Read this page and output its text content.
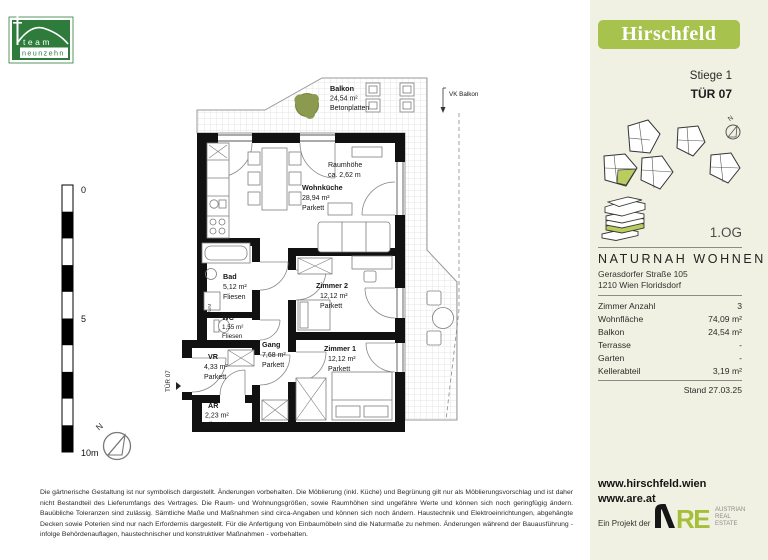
team
neunzehn
0
5
10m
N
Balkon
24,54 m²
Betonplatten
VK Balkon
Raumhöhe
ca. 2,62 m
Wohnküche
28,94 m²
Parkett
Bad
5,12 m²
Fliesen
WC
1,55 m²
Fliesen
VR
4,33 m²
Parkett
AR
2,23 m²
Fliesen
Gang
7,68 m²
Parkett
Zimmer 2
12,12 m²
Parkett
Zimmer 1
12,12 m²
Parkett
TÜR 07
WM
Die gärtnerische Gestaltung ist nur symbolisch dargestellt. Änderungen vorbehalten. Die Möblierung (inkl. Küche) und Begrünung gilt nur als Möblierungsvorschlag und ist daher nicht Bestandteil des Lieferumfangs des Vertrages. Die Raum- und Wohnungsgrößen, sowie Raumhöhen sind ungefähre Werte und können sich noch geringfügig ändern. Bauübliche Toleranzen sind zulässig. Sämtliche Maße und Maßnahmen sind circa-Angaben und können sich noch ändern. Haustechnik und Elektroeinrichtungen, abgehängte Decken sowie Poterien sind nur nach Erfordernis dargestellt. Für die Anfertigung von Einbaumöbeln sind die Naturmaße zu nehmen. Änderungen während der Bauausführung - infolge Behördenauflagen, haustechnischer und konstruktiver Maßnahmen - vorbehalten.
Hirschfeld
Stiege 1
TÜR 07
N
1.OG
NATURNAH WOHNEN
Gerasdorfer Straße 105
1210 Wien Floridsdorf
Zimmer Anzahl	3
Wohnfläche	74,09 m²
Balkon	24,54 m²
Terrasse	-
Garten	-
Kellerabteil	3,19 m²
Stand 27.03.25
www.hirschfeld.wien
www.are.at
Ein Projekt der RE AUSTRIAN
REAL
ESTATE
